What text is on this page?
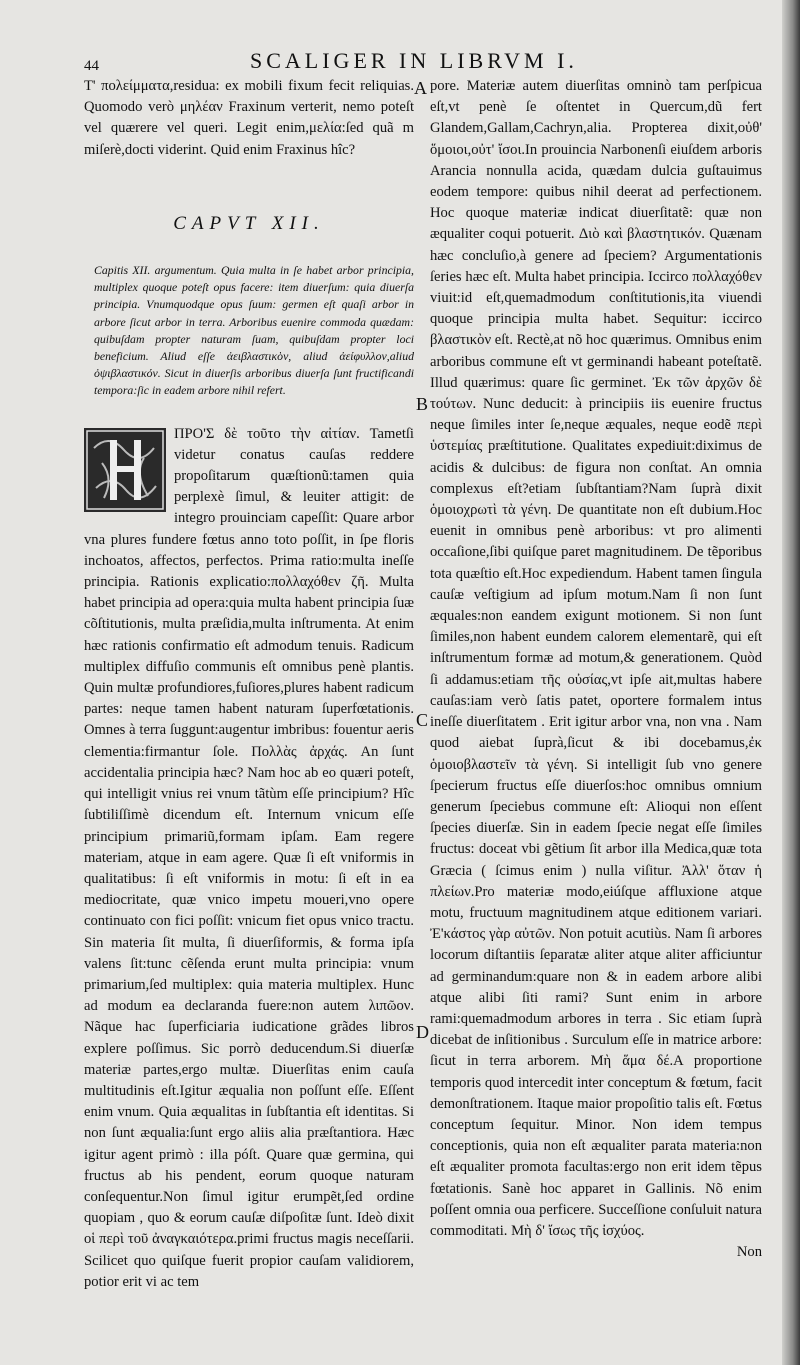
44	SCALIGER IN LIBRVM I.

Τ' πολείμματα,residua: ex mobili fixum fecit reliquias. Quomodo verò μηλέαν Fraxinum verterit, nemo poteſt vel quærere vel queri. Legit enim,μελία:ſed quã m miſerè,docti viderint. Quid enim Fraxinus hîc?

CAPVT XII.

Capitis XII. argumentum. Quia multa in ſe habet arbor principia, multiplex quoque poteſt opus facere: item diuerſum: quia diuerſa principia. Vnumquodque opus ſuum: germen eſt quaſi arbor in arbore ſicut arbor in terra. Arboribus euenire commoda quædam: quibuſdam propter naturam ſuam, quibuſdam propter loci beneficium. Aliud eſſe ἀειβλαστικὸν, aliud ἀείφυλλον,aliud ὀψιβλαστικόν. Sicut in diuerſis arboribus diuerſa ſunt fructificandi tempora:ſic in eadem arbore nihil refert.

ΠΡΟ'Σ δὲ τοῦτο τὴν αἰτίαν. Tametſi videtur conatus cauſas reddere propoſitarum quæſtionũ:tamen quia perplexè ſimul, & leuiter attigit: de integro prouinciam capeſſit: Quare arbor vna plures fundere fœtus anno toto poſſit, in ſpe floris inchoatos, affectos, perfectos. Prima ratio:multa ineſſe principia. Rationis explicatio:πολλαχόθεν ζῆ. Multa habet principia ad opera:quia multa habent principia ſuæ cõſtitutionis, multa præſidia,multa inſtrumenta. At enim hæc rationis confirmatio eſt admodum tenuis. Radicum multiplex diffuſio communis eſt omnibus penè plantis. Quin multæ profundiores,fuſiores,plures habent radicum partes: neque tamen habent naturam ſuperfœtationis. Omnes à terra ſuggunt:augentur imbribus: fouentur aeris clementia:firmantur ſole. Πολλὰς ἀρχάς. An ſunt accidentalia principia hæc? Nam hoc ab eo quæri poteſt, qui intelligit vnius rei vnum tãtùm eſſe principium? Hîc ſubtiliſſimè dicendum eſt. Internum vnicum eſſe principium primariũ,formam ipſam. Eam regere materiam, atque in eam agere. Quæ ſi eſt vniformis in qualitatibus: ſi eſt vniformis in motu: ſi eſt in ea mediocritate, quæ vnico impetu moueri,vno opere continuato con fici poſſit: vnicum fiet opus vnico tractu. Sin materia ſit multa, ſi diuerſiformis, & forma ipſa valens ſit:tunc cẽſenda erunt multa principia: vnum primarium,ſed multiplex: quia materia multiplex. Hunc ad modum ea declaranda fuere:non autem λιπῶον. Nãque hac ſuperficiaria iudicatione grãdes libros explere poſſimus. Sic porrò deducendum.Si diuerſæ materiæ partes,ergo multæ. Diuerſitas enim cauſa multitudinis eſt.Igitur æqualia non poſſunt eſſe. Eſſent enim vnum. Quia æqualitas in ſubſtantia eſt identitas. Si non ſunt æqualia:ſunt ergo aliis alia præſtantiora. Hæc igitur agent primò : illa póſt. Quare quæ germina, qui fructus ab his pendent, eorum quoque naturam conſequentur.Non ſimul igitur erumpẽt,ſed ordine quopiam , quo & eorum cauſæ diſpoſitæ ſunt. Ideò dixit οἱ περὶ τοῦ ἀναγκαιότερα.primi fructus magis neceſſarii. Scilicet quo quiſque fuerit propior cauſam validiorem, potior erit vi ac tem

pore. Materiæ autem diuerſitas omninò tam perſpicua eſt,vt penè ſe oſtentet in Quercum,dũ fert Glandem,Gallam,Cachryn,alia. Propterea dixit,οὐθ' ὅμοιοι,οὐτ' ἴσοι.In prouincia Narbonenſi eiuſdem arboris Arancia nonnulla acida, quædam dulcia guſtauimus eodem tempore: quibus nihil deerat ad perfectionem. Hoc quoque materiæ indicat diuerſitatẽ: quæ non æqualiter coqui potuerit. Διὸ καὶ βλαστητικόν. Quænam hæc concluſio,à genere ad ſpeciem? Argumentationis ſeries hæc eſt. Multa habet principia. Iccirco πολλαχόθεν viuit:id eſt,quemadmodum conſtitutionis,ita viuendi quoque principia multa habet. Sequitur: iccirco βλαστικὸν eſt. Rectè,at nõ hoc quærimus. Omnibus enim arboribus commune eſt vt germinandi habeant poteſtatẽ. Illud quærimus: quare ſic germinet. Ἐκ τῶν ἀρχῶν δὲ τούτων. Nunc deducit: à principiis iis euenire fructus neque ſimiles inter ſe,neque æquales, neque eodẽ περὶ ὑστεμίας præſtitutione. Qualitates expediuit:diximus de acidis & dulcibus: de figura non conſtat. An omnia complexus eſt?etiam ſubſtantiam?Nam ſuprà dixit ὁμοιοχρωτὶ τὰ γένη. De quantitate non eſt dubium.Hoc euenit in omnibus penè arboribus: vt pro alimenti occaſione,ſibi quiſque paret magnitudinem. De tẽporibus tota quæſtio eſt.Hoc expediendum. Habent tamen ſingula cauſæ veſtigium ad ipſum motum.Nam ſi non ſunt æquales:non eandem exigunt motionem. Si non ſunt ſimiles,non habent eundem calorem elementarẽ, qui eſt inſtrumentum formæ ad motum,& generationem. Quòd ſi addamus:etiam τῆς οὐσίας,vt ipſe ait,multas habere cauſas:iam verò ſatis patet, oportere formalem intus ineſſe diuerſitatem . Erit igitur arbor vna, non vna . Nam quod aiebat ſuprà,ſicut & ibi docebamus,ἐκ ὁμοιοβλαστεῖν τὰ γένη. Si intelligit ſub vno genere ſpecierum fructus eſſe diuerſos:hoc omnibus omnium generum ſpeciebus commune eſt: Alioqui non eſſent ſpecies diuerſæ. Sin in eadem ſpecie negat eſſe ſimiles fructus: doceat vbi gẽtium ſit arbor illa Medica,quæ tota Græcia ( ſcimus enim ) nulla viſitur. Ἀλλ' ὅταν ἡ πλείων.Pro materiæ modo,eiúſque affluxione atque motu, fructuum magnitudinem atque editionem variari. Ἐ'κάστος γὰρ αὐτῶν. Non potuit acutiùs. Nam ſi arbores locorum diſtantiis ſeparatæ aliter atque aliter afficiuntur ad germinandum:quare non & in eadem arbore alibi atque alibi ſiti rami? Sunt enim in arbore rami:quemadmodum arbores in terra . Sic etiam ſuprà dicebat de inſitionibus . Surculum eſſe in matrice arbore: ſicut in terra arborem. Μὴ ἅμα δέ.A proportione temporis quod intercedit inter conceptum & fœtum, facit demonſtrationem. Itaque maior propoſitio talis eſt. Fœtus conceptum ſequitur. Minor. Non idem tempus conceptionis, quia non eſt æqualiter parata materia:non eſt æqualiter promota facultas:ergo non erit idem tẽpus fœtationis. Sanè hoc apparet in Gallinis. Nõ enim poſſent omnia oua perficere. Succeſſione conſuluit natura commoditati. Μὴ δ' ἴσως τῆς ἰσχύος.

Non

A
B
C
D
